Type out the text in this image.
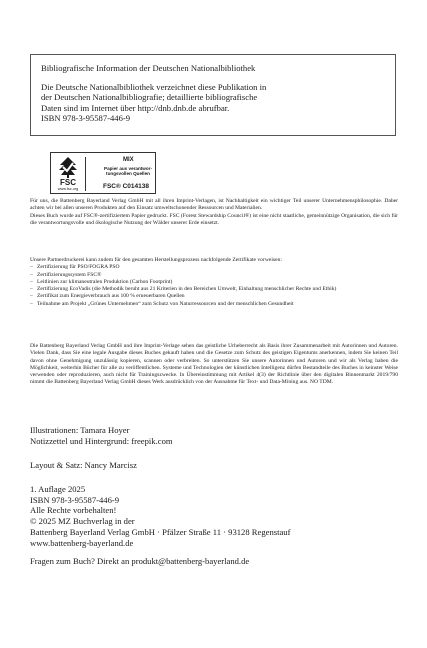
Bibliografische Information der Deutschen Nationalbibliothek
Die Deutsche Nationalbibliothek verzeichnet diese Publikation in
der Deutschen Nationalbibliografie; detaillierte bibliografische
Daten sind im Internet über http://dnb.dnb.de abrufbar.
ISBN 978-3-95587-446-9
FSC
www.fsc.org
MIX
Papier aus verantwor-
tungsvollen Quellen
FSC® C014138

Für uns, die Battenberg Bayerland Verlag GmbH mit all ihren Imprint-Verlagen, ist Nachhaltigkeit ein wichtiger Teil unserer Unternehmensphilosophie. Daher achten wir bei allen unseren Produkten auf den Einsatz umweltschonender Ressourcen und Materialien.

Dieses Buch wurde auf FSC®-zertifiziertem Papier gedruckt. FSC (Forest Stewardship Council®) ist eine nicht staatliche, gemeinnützige Organisation, die sich für die verantwortungsvolle und ökologische Nutzung der Wälder unserer Erde einsetzt.

Unsere Partnerdruckerei kann zudem für den gesamten Herstellungsprozess nachfolgende Zertifikate vorweisen:

– Zertifizierung für PSO/FOGRA PSO
– Zertifizierungssystem FSC®
– Leitlinien zur klimaneutralen Produktion (Carbon Footprint)
– Zertifizierung EcoVadis (die Methodik beruht aus 21 Kriterien in den Bereichen Umwelt, Einhaltung menschlicher Rechte und Ethik)
– Zertifikat zum Energieverbrauch aus 100 % erneuerbaren Quellen
– Teilnahme am Projekt „Grünes Unternehmen“ zum Schutz von Naturressourcen und der menschlichen Gesundheit

Die Battenberg Bayerland Verlag GmbH und ihre Imprint-Verlage sehen das geistliche Urheberrecht als Basis ihrer Zusammenarbeit mit Autorinnen und Autoren. Vielen Dank, dass Sie eine legale Ausgabe dieses Buches gekauft haben und die Gesetze zum Schutz des geistigen Eigentums anerkennen, indem Sie keinen Teil davon ohne Genehmigung unzulässig kopieren, scannen oder verbreiten. So unterstützen Sie unsere Autorinnen und Autoren und wir als Verlag haben die Möglichkeit, weiterhin Bücher für alle zu veröffentlichen. Systeme und Technologien der künstlichen Intelligenz dürfen Bestandteile des Buches in keinster Weise verwenden oder reproduzieren, auch nicht für Trainingszwecke. In Übereinstimmung mit Artikel 4(3) der Richtlinie über den digitalen Binnenmarkt 2019/790 nimmt die Battenberg Bayerland Verlag GmbH dieses Werk ausdrücklich von der Ausnahme für Text- und Data-Mining aus. NO TDM.

Illustrationen: Tamara Hoyer
Notizzettel und Hintergrund: freepik.com
Layout & Satz: Nancy Marcisz
1. Auflage 2025
ISBN 978-3-95587-446-9
Alle Rechte vorbehalten!
© 2025 MZ Buchverlag in der
Battenberg Bayerland Verlag GmbH · Pfälzer Straße 11 · 93128 Regenstauf
www.battenberg-bayerland.de
Fragen zum Buch? Direkt an produkt@battenberg-bayerland.de
